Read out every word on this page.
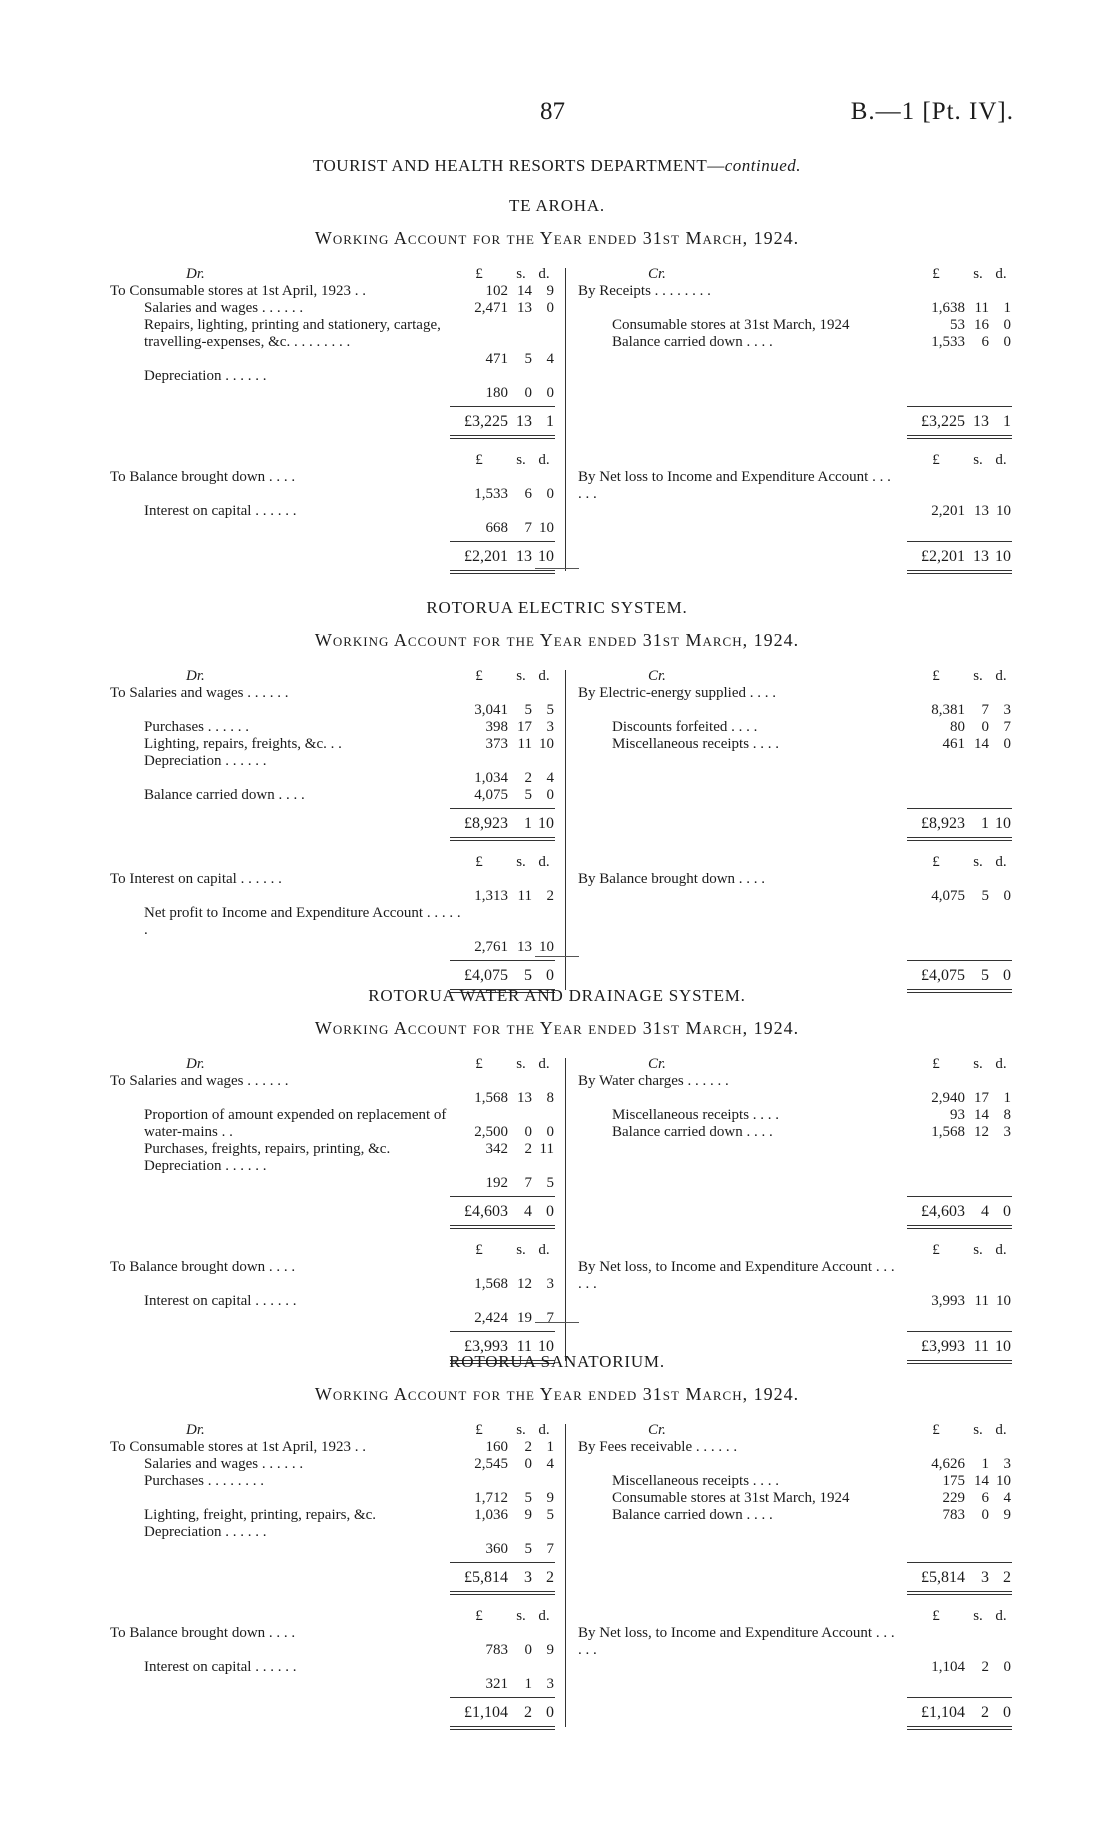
87	B.—1 [Pt. IV].
TOURIST AND HEALTH RESORTS DEPARTMENT—continued.
TE AROHA.
Working Account for the Year ended 31st March, 1924.
Dr.	£	s. d.
To Consumable stores at 1st April, 1923 . .	102 14 9
Salaries and wages . . . . . .	2,471 13 0
Repairs, lighting, printing and stationery, cartage, travelling-expenses, &c. . . . . . . . .
471	5 4
Depreciation . . . . . .
180	0 0
£3,225 13 1
£	s. d.
To Balance brought down . . . .
1,533	6 0
Interest on capital . . . . . .
668	7 10
£2,201 13 10
Cr.	£	s. d.
By Receipts . . . . . . . .
1,638 11 1
Consumable stores at 31st March, 1924	53 16 0
Balance carried down . . . .	1,533	6 0
£3,225 13 1
£	s. d.
By Net loss to Income and Expenditure Account . . . . . .
2,201 13 10
£2,201 13 10
ROTORUA ELECTRIC SYSTEM.
Working Account for the Year ended 31st March, 1924.
Dr.	£	s. d.
To Salaries and wages . . . . . .
3,041	5 5
Purchases . . . . . .	398 17 3
Lighting, repairs, freights, &c. . .	373 11 10
Depreciation . . . . . .
1,034	2 4
Balance carried down . . . .	4,075	5 0
£8,923	1 10
£	s. d.
To Interest on capital . . . . . .
1,313 11 2
Net profit to Income and Expenditure Account . . . . . .
2,761 13 10
£4,075	5 0
Cr.	£	s. d.
By Electric-energy supplied . . . .
8,381	7 3
Discounts forfeited . . . .	80	0 7
Miscellaneous receipts . . . .	461 14 0
£8,923	1 10
£	s. d.
By Balance brought down . . . .
4,075	5 0
£4,075	5 0
ROTORUA WATER AND DRAINAGE SYSTEM.
Working Account for the Year ended 31st March, 1924.
Dr.	£	s. d.
To Salaries and wages . . . . . .
1,568 13 8
Proportion of amount expended on replacement of water-mains . .	2,500	0 0
Purchases, freights, repairs, printing, &c.	342	2 11
Depreciation . . . . . .
192	7 5
£4,603	4 0
£	s. d.
To Balance brought down . . . .
1,568 12 3
Interest on capital . . . . . .
2,424 19 7
£3,993 11 10
Cr.	£	s. d.
By Water charges . . . . . .
2,940 17 1
Miscellaneous receipts . . . .	93 14 8
Balance carried down . . . .	1,568 12 3
£4,603	4 0
£	s. d.
By Net loss, to Income and Expenditure Account . . . . . .
3,993 11 10
£3,993 11 10
ROTORUA SANATORIUM.
Working Account for the Year ended 31st March, 1924.
Dr.	£	s. d.
To Consumable stores at 1st April, 1923 . .	160	2 1
Salaries and wages . . . . . .	2,545	0 4
Purchases . . . . . . . .
1,712	5 9
Lighting, freight, printing, repairs, &c.	1,036	9 5
Depreciation . . . . . .
360	5 7
£5,814	3 2
£	s. d.
To Balance brought down . . . .
783	0 9
Interest on capital . . . . . .
321	1 3
£1,104	2 0
Cr.	£	s. d.
By Fees receivable . . . . . .
4,626	1 3
Miscellaneous receipts . . . .	175 14 10
Consumable stores at 31st March, 1924	229	6 4
Balance carried down . . . .	783	0 9
£5,814	3 2
£	s. d.
By Net loss, to Income and Expenditure Account . . . . . .
1,104	2 0
£1,104	2 0
